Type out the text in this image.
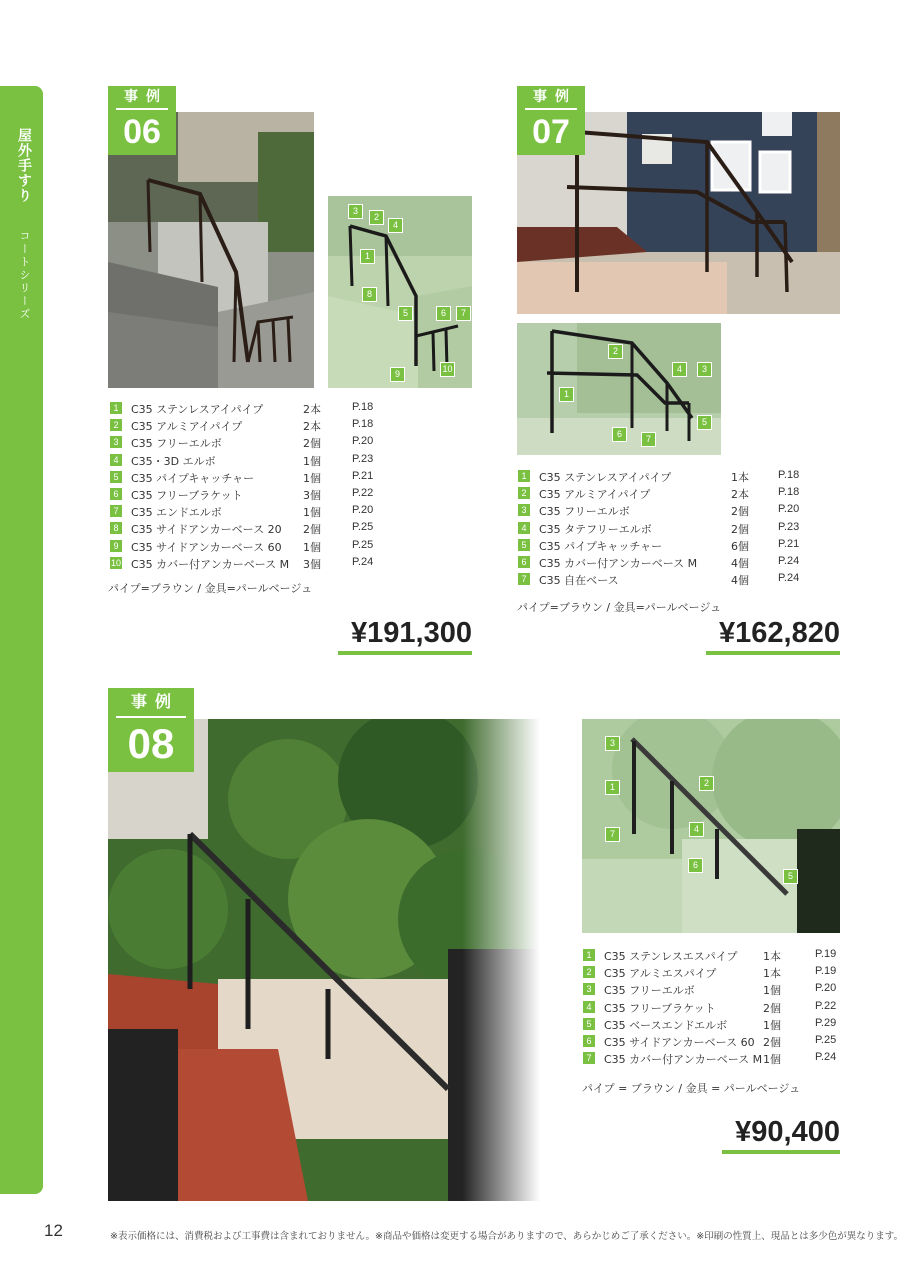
屋外手すり
コートシリーズ
事例
06
3
2
4
1
8
5	6	7
9	10
1	C35 ステンレスアイパイプ	2本	P.18
2	C35 アルミアイパイプ	2本	P.18
3	C35 フリーエルボ	2個	P.20
4	C35・3D エルボ	1個	P.23
5	C35 パイプキャッチャー	1個	P.21
6	C35 フリーブラケット	3個	P.22
7	C35 エンドエルボ	1個	P.20
8	C35 サイドアンカーベース 20 2個	P.25
9	C35 サイドアンカーベース 60 1個	P.25
10 C35 カバー付アンカーベース M 3個	P.24
パイプ=ブラウン / 金具=パールベージュ
¥191,300
事例
07
2
1
4	3
5
6	7
1	C35 ステンレスアイパイプ	1本	P.18
2	C35 アルミアイパイプ	2本	P.18
3	C35 フリーエルボ	2個	P.20
4	C35 タテフリーエルボ	2個	P.23
5	C35 パイプキャッチャー	6個	P.21
6	C35 カバー付アンカーベース M	4個	P.24
7	C35 自在ベース	4個	P.24
パイプ=ブラウン / 金具=パールベージュ
¥162,820
事例
08	3
1	2
7	4
6
5
1	C35 ステンレスエスパイプ 1本	P.19
2	C35 アルミエスパイプ	1本	P.19
3	C35 フリーエルボ	1個	P.20
4	C35 フリーブラケット	2個	P.22
5	C35 ベースエンドエルボ	1個	P.29
6	C35 サイドアンカーベース 60 2個	P.25
7	C35 カバー付アンカーベース M 1個	P.24
パイプ = ブラウン / 金具 = パールベージュ
¥90,400
12	※表示価格には、消費税および工事費は含まれておりません。※商品や価格は変更する場合がありますので、あらかじめご了承ください。※印刷の性質上、現品とは多少色が異なります。
